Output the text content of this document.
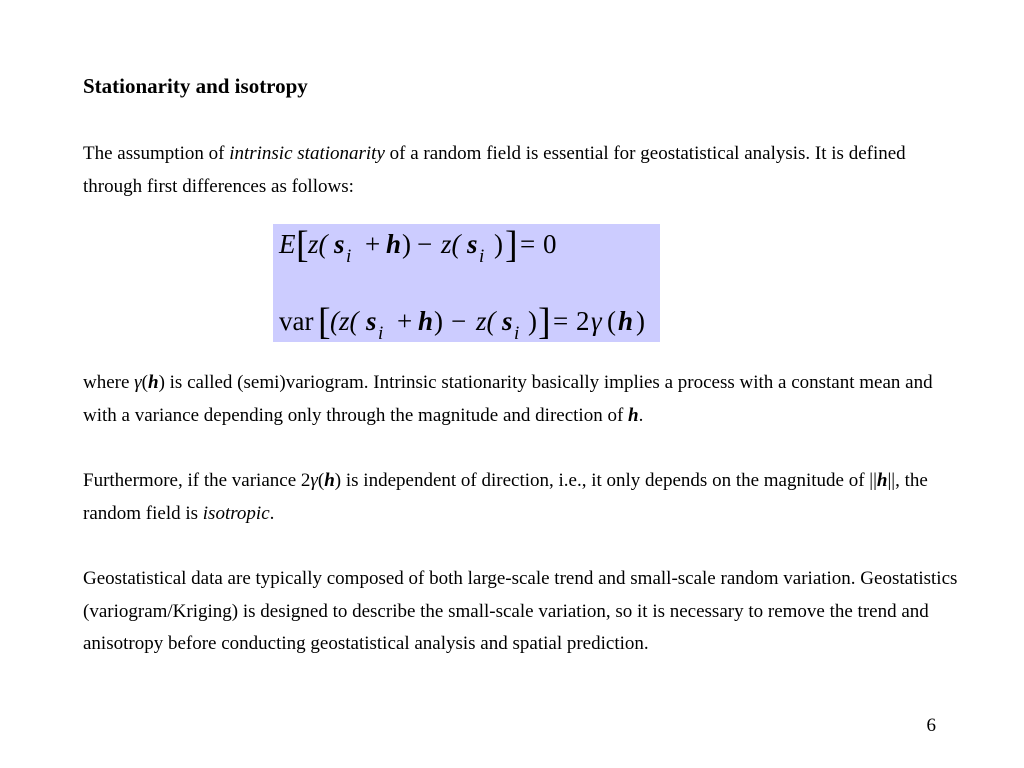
Stationarity and isotropy

The assumption of intrinsic stationarity of a random field is essential for geostatistical analysis. It is defined through first differences as follows:

E [ z( s i + h ) − z( s i ) ] = 0
var [ (z( s i + h ) − z( s i ) ] = 2 γ ( h )

where γ(h) is called (semi)variogram. Intrinsic stationarity basically implies a process with a constant mean and with a variance depending only through the magnitude and direction of h.

Furthermore, if the variance 2γ(h) is independent of direction, i.e., it only depends on the magnitude of ||h||, the random field is isotropic.

Geostatistical data are typically composed of both large-scale trend and small-scale random variation. Geostatistics (variogram/Kriging) is designed to describe the small-scale variation, so it is necessary to remove the trend and anisotropy before conducting geostatistical analysis and spatial prediction.

6
